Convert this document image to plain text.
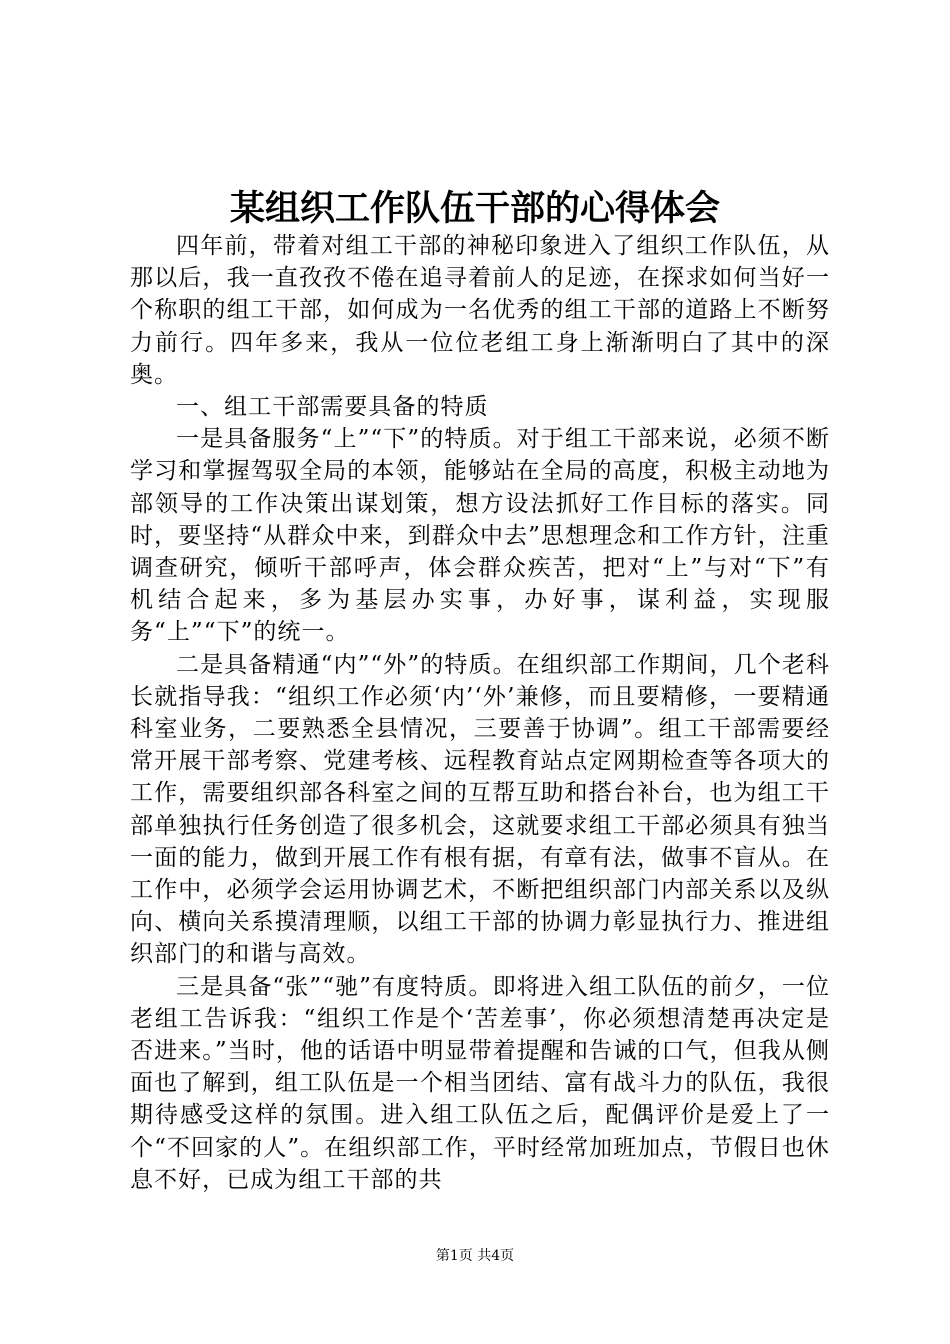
某组织工作队伍干部的心得体会

四年前，带着对组工干部的神秘印象进入了组织工作队伍，从那以后，我一直孜孜不倦在追寻着前人的足迹，在探求如何当好一个称职的组工干部，如何成为一名优秀的组工干部的道路上不断努力前行。四年多来，我从一位位老组工身上渐渐明白了其中的深奥。

一、组工干部需要具备的特质

一是具备服务“上”“下”的特质。对于组工干部来说，必须不断学习和掌握驾驭全局的本领，能够站在全局的高度，积极主动地为部领导的工作决策出谋划策，想方设法抓好工作目标的落实。同时，要坚持“从群众中来，到群众中去”思想理念和工作方针，注重调查研究，倾听干部呼声，体会群众疾苦，把对“上”与对“下”有机结合起来，多为基层办实事，办好事，谋利益，实现服务“上”“下”的统一。

二是具备精通“内”“外”的特质。在组织部工作期间，几个老科长就指导我：“组织工作必须‘内’‘外’兼修，而且要精修，一要精通科室业务，二要熟悉全县情况，三要善于协调”。组工干部需要经常开展干部考察、党建考核、远程教育站点定网期检查等各项大的工作，需要组织部各科室之间的互帮互助和搭台补台，也为组工干部单独执行任务创造了很多机会，这就要求组工干部必须具有独当一面的能力，做到开展工作有根有据，有章有法，做事不盲从。在工作中，必须学会运用协调艺术，不断把组织部门内部关系以及纵向、横向关系摸清理顺，以组工干部的协调力彰显执行力、推进组织部门的和谐与高效。

三是具备“张”“驰”有度特质。即将进入组工队伍的前夕，一位老组工告诉我：“组织工作是个‘苦差事’，你必须想清楚再决定是否进来。”当时，他的话语中明显带着提醒和告诫的口气，但我从侧面也了解到，组工队伍是一个相当团结、富有战斗力的队伍，我很期待感受这样的氛围。进入组工队伍之后，配偶评价是爱上了一个“不回家的人”。在组织部工作，平时经常加班加点，节假日也休息不好，已成为组工干部的共

第1页 共4页
